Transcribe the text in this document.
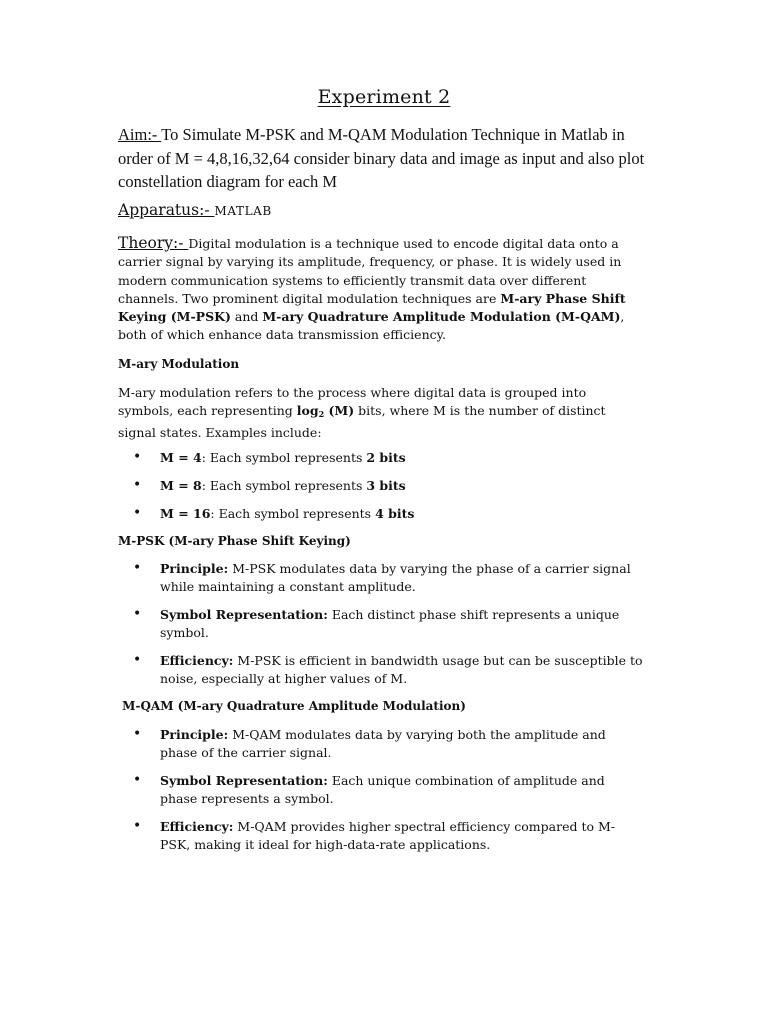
Experiment 2
Aim:- To Simulate M-PSK and M-QAM Modulation Technique in Matlab in order of M = 4,8,16,32,64 consider binary data and image as input and also plot constellation diagram for each M
Apparatus:- MATLAB
Theory:- Digital modulation is a technique used to encode digital data onto a carrier signal by varying its amplitude, frequency, or phase. It is widely used in modern communication systems to efficiently transmit data over different channels. Two prominent digital modulation techniques are M-ary Phase Shift Keying (M-PSK) and M-ary Quadrature Amplitude Modulation (M-QAM), both of which enhance data transmission efficiency.
M-ary Modulation
M-ary modulation refers to the process where digital data is grouped into symbols, each representing $\log_2 (M)$ bits, where M is the number of distinct signal states. Examples include:
• M = 4: Each symbol represents 2 bits
• M = 8: Each symbol represents 3 bits
• M = 16: Each symbol represents 4 bits
M-PSK (M-ary Phase Shift Keying)
• Principle: M-PSK modulates data by varying the phase of a carrier signal while maintaining a constant amplitude.
• Symbol Representation: Each distinct phase shift represents a unique symbol.
• Efficiency: M-PSK is efficient in bandwidth usage but can be susceptible to noise, especially at higher values of M.
M-QAM (M-ary Quadrature Amplitude Modulation)
• Principle: M-QAM modulates data by varying both the amplitude and phase of the carrier signal.
• Symbol Representation: Each unique combination of amplitude and phase represents a symbol.
• Efficiency: M-QAM provides higher spectral efficiency compared to M- PSK, making it ideal for high-data-rate applications.
